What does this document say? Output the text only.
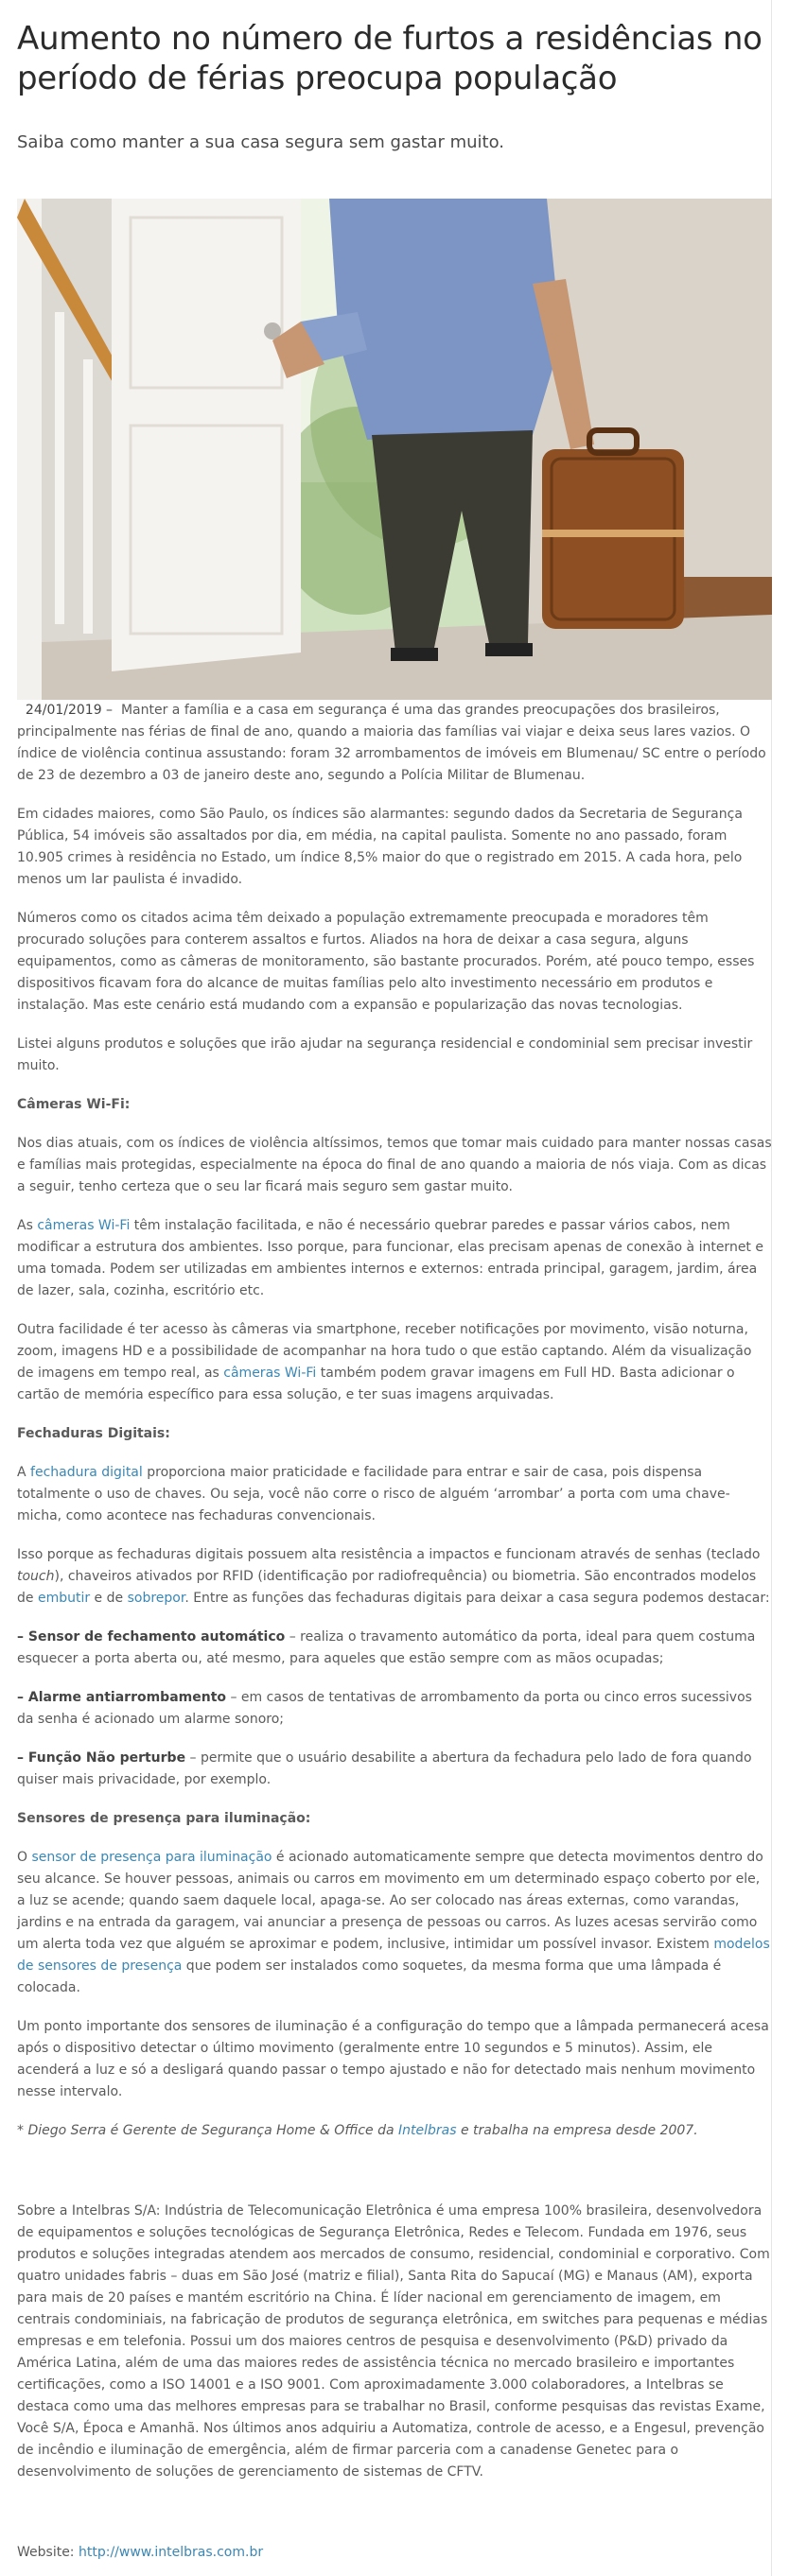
Aumento no número de furtos a residências no período de férias preocupa população

Saiba como manter a sua casa segura sem gastar muito.

24/01/2019 – Manter a família e a casa em segurança é uma das grandes preocupações dos brasileiros, principalmente nas férias de final de ano, quando a maioria das famílias vai viajar e deixa seus lares vazios. O índice de violência continua assustando: foram 32 arrombamentos de imóveis em Blumenau/ SC entre o período de 23 de dezembro a 03 de janeiro deste ano, segundo a Polícia Militar de Blumenau.

Em cidades maiores, como São Paulo, os índices são alarmantes: segundo dados da Secretaria de Segurança Pública, 54 imóveis são assaltados por dia, em média, na capital paulista. Somente no ano passado, foram 10.905 crimes à residência no Estado, um índice 8,5% maior do que o registrado em 2015. A cada hora, pelo menos um lar paulista é invadido.

Números como os citados acima têm deixado a população extremamente preocupada e moradores têm procurado soluções para conterem assaltos e furtos. Aliados na hora de deixar a casa segura, alguns equipamentos, como as câmeras de monitoramento, são bastante procurados. Porém, até pouco tempo, esses dispositivos ficavam fora do alcance de muitas famílias pelo alto investimento necessário em produtos e instalação. Mas este cenário está mudando com a expansão e popularização das novas tecnologias.

Listei alguns produtos e soluções que irão ajudar na segurança residencial e condominial sem precisar investir muito.

Câmeras Wi-Fi:

Nos dias atuais, com os índices de violência altíssimos, temos que tomar mais cuidado para manter nossas casas e famílias mais protegidas, especialmente na época do final de ano quando a maioria de nós viaja. Com as dicas a seguir, tenho certeza que o seu lar ficará mais seguro sem gastar muito.

As câmeras Wi-Fi têm instalação facilitada, e não é necessário quebrar paredes e passar vários cabos, nem modificar a estrutura dos ambientes. Isso porque, para funcionar, elas precisam apenas de conexão à internet e uma tomada. Podem ser utilizadas em ambientes internos e externos: entrada principal, garagem, jardim, área de lazer, sala, cozinha, escritório etc.

Outra facilidade é ter acesso às câmeras via smartphone, receber notificações por movimento, visão noturna, zoom, imagens HD e a possibilidade de acompanhar na hora tudo o que estão captando. Além da visualização de imagens em tempo real, as câmeras Wi-Fi também podem gravar imagens em Full HD. Basta adicionar o cartão de memória específico para essa solução, e ter suas imagens arquivadas.

Fechaduras Digitais:

A fechadura digital proporciona maior praticidade e facilidade para entrar e sair de casa, pois dispensa totalmente o uso de chaves. Ou seja, você não corre o risco de alguém ‘arrombar’ a porta com uma chave-micha, como acontece nas fechaduras convencionais.

Isso porque as fechaduras digitais possuem alta resistência a impactos e funcionam através de senhas (teclado touch), chaveiros ativados por RFID (identificação por radiofrequência) ou biometria. São encontrados modelos de embutir e de sobrepor. Entre as funções das fechaduras digitais para deixar a casa segura podemos destacar:

– Sensor de fechamento automático – realiza o travamento automático da porta, ideal para quem costuma esquecer a porta aberta ou, até mesmo, para aqueles que estão sempre com as mãos ocupadas;

– Alarme antiarrombamento – em casos de tentativas de arrombamento da porta ou cinco erros sucessivos da senha é acionado um alarme sonoro;

– Função Não perturbe – permite que o usuário desabilite a abertura da fechadura pelo lado de fora quando quiser mais privacidade, por exemplo.

Sensores de presença para iluminação:

O sensor de presença para iluminação é acionado automaticamente sempre que detecta movimentos dentro do seu alcance. Se houver pessoas, animais ou carros em movimento em um determinado espaço coberto por ele, a luz se acende; quando saem daquele local, apaga-se. Ao ser colocado nas áreas externas, como varandas, jardins e na entrada da garagem, vai anunciar a presença de pessoas ou carros. As luzes acesas servirão como um alerta toda vez que alguém se aproximar e podem, inclusive, intimidar um possível invasor. Existem modelos de sensores de presença que podem ser instalados como soquetes, da mesma forma que uma lâmpada é colocada.

Um ponto importante dos sensores de iluminação é a configuração do tempo que a lâmpada permanecerá acesa após o dispositivo detectar o último movimento (geralmente entre 10 segundos e 5 minutos). Assim, ele acenderá a luz e só a desligará quando passar o tempo ajustado e não for detectado mais nenhum movimento nesse intervalo.

* Diego Serra é Gerente de Segurança Home & Office da Intelbras e trabalha na empresa desde 2007.

Sobre a Intelbras S/A: Indústria de Telecomunicação Eletrônica é uma empresa 100% brasileira, desenvolvedora de equipamentos e soluções tecnológicas de Segurança Eletrônica, Redes e Telecom. Fundada em 1976, seus produtos e soluções integradas atendem aos mercados de consumo, residencial, condominial e corporativo. Com quatro unidades fabris – duas em São José (matriz e filial), Santa Rita do Sapucaí (MG) e Manaus (AM), exporta para mais de 20 países e mantém escritório na China. É líder nacional em gerenciamento de imagem, em centrais condominiais, na fabricação de produtos de segurança eletrônica, em switches para pequenas e médias empresas e em telefonia. Possui um dos maiores centros de pesquisa e desenvolvimento (P&D) privado da América Latina, além de uma das maiores redes de assistência técnica no mercado brasileiro e importantes certificações, como a ISO 14001 e a ISO 9001. Com aproximadamente 3.000 colaboradores, a Intelbras se destaca como uma das melhores empresas para se trabalhar no Brasil, conforme pesquisas das revistas Exame, Você S/A, Época e Amanhã. Nos últimos anos adquiriu a Automatiza, controle de acesso, e a Engesul, prevenção de incêndio e iluminação de emergência, além de firmar parceria com a canadense Genetec para o desenvolvimento de soluções de gerenciamento de sistemas de CFTV.

Website: http://www.intelbras.com.br
